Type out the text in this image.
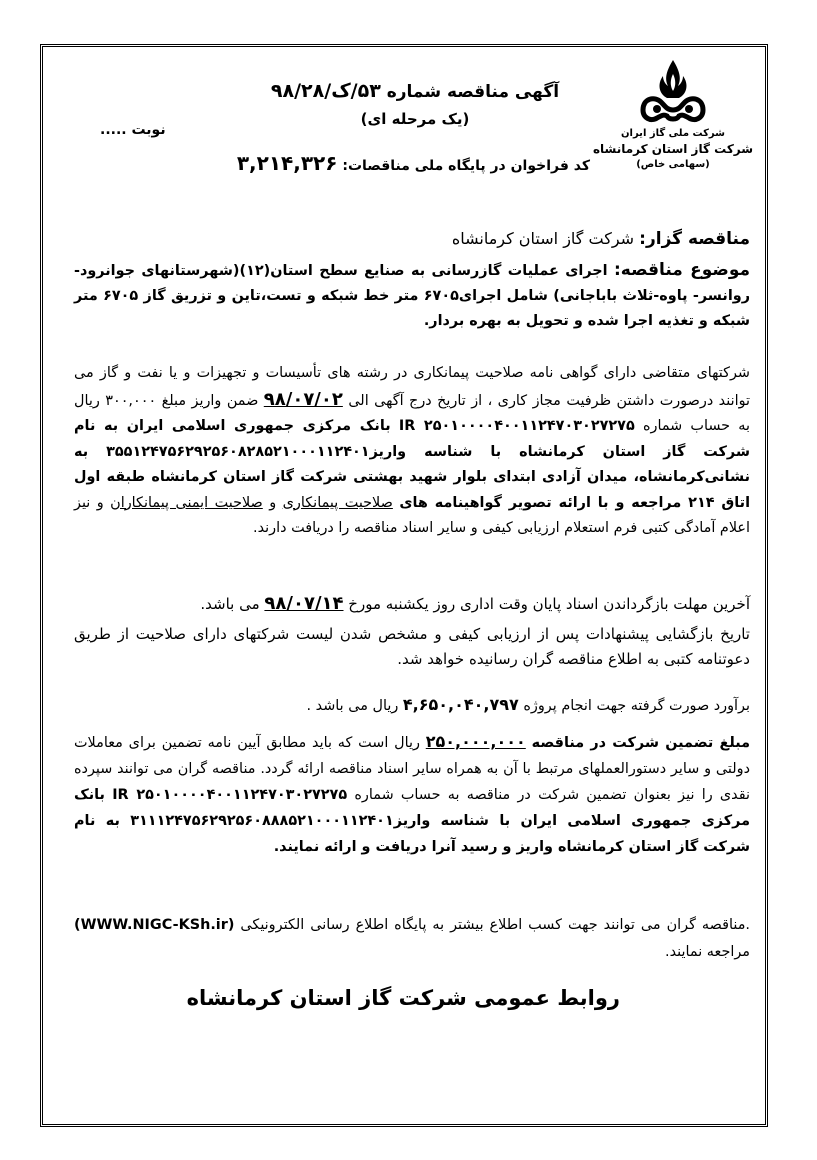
شرکت ملی گاز ایران
شرکت گاز استان کرمانشاه
(سهامی خاص)
آگهی مناقصه شماره ۵۳/ک/۹۸/۲۸
(یک مرحله ای)
نوبت .....
کد فراخوان در پایگاه ملی مناقصات: ۳,۲۱۴,۳۲۶
مناقصه گزار: شرکت گاز استان کرمانشاه
موضوع مناقصه: اجرای عملیات گازرسانی به صنایع سطح استان(۱۲)(شهرستانهای جوانرود-روانسر- پاوه-ثلاث باباجانی) شامل اجرای۶۷۰۵ متر خط شبکه و تست،تاین و تزریق گاز ۶۷۰۵ متر شبکه و تغذیه اجرا شده و تحویل به بهره بردار.
شرکتهای متقاضی دارای گواهی نامه صلاحیت پیمانکاری در رشته های تأسیسات و تجهیزات و یا نفت و گاز می توانند درصورت داشتن ظرفیت مجاز کاری ، از تاریخ درج آگهی الی ۹۸/۰۷/۰۲ ضمن واریز مبلغ ۳۰۰,۰۰۰ ریال به حساب شماره IR ۲۵۰۱۰۰۰۰۴۰۰۱۱۲۴۷۰۳۰۲۷۲۷۵ بانک مرکزی جمهوری اسلامی ایران به نام شرکت گاز استان کرمانشاه با شناسه واریز۳۵۵۱۲۴۷۵۶۲۹۲۵۶۰۸۲۸۵۲۱۰۰۰۱۱۲۴۰۱ به نشانی‌کرمانشاه، میدان آزادی ابتدای بلوار شهید بهشتی شرکت گاز استان کرمانشاه طبقه اول اتاق ۲۱۴ مراجعه و با ارائه تصویر گواهینامه های صلاحیت پیمانکاری و صلاحیت ایمنی پیمانکاران و نیز اعلام آمادگی کتبی فرم استعلام ارزیابی کیفی و سایر اسناد مناقصه را دریافت دارند.
آخرین مهلت بازگرداندن اسناد پایان وقت اداری روز یکشنبه مورخ ۹۸/۰۷/۱۴ می باشد.
تاریخ بازگشایی پیشنهادات پس از ارزیابی کیفی و مشخص شدن لیست شرکتهای دارای صلاحیت از طریق دعوتنامه کتبی به اطلاع مناقصه گران رسانیده خواهد شد.
برآورد صورت گرفته جهت انجام پروژه ۴,۶۵۰,۰۴۰,۷۹۷ ریال می باشد .
مبلغ تضمین شرکت در مناقصه ۲۵۰,۰۰۰,۰۰۰ ریال است که باید مطابق آیین نامه تضمین برای معاملات دولتی و سایر دستورالعملهای مرتبط با آن به همراه سایر اسناد مناقصه ارائه گردد. مناقصه گران می توانند سپرده نقدی را نیز بعنوان تضمین شرکت در مناقصه به حساب شماره IR ۲۵۰۱۰۰۰۰۴۰۰۱۱۲۴۷۰۳۰۲۷۲۷۵ بانک مرکزی جمهوری اسلامی ایران با شناسه واریز۳۱۱۱۲۴۷۵۶۲۹۲۵۶۰۸۸۸۵۲۱۰۰۰۱۱۲۴۰۱ به نام شرکت گاز استان کرمانشاه واریز و رسید آنرا دریافت و ارائه نمایند.
.مناقصه گران می توانند جهت کسب اطلاع بیشتر به پایگاه اطلاع رسانی الکترونیکی (WWW.NIGC-KSh.ir) مراجعه نمایند.
روابط عمومی شرکت گاز استان کرمانشاه
